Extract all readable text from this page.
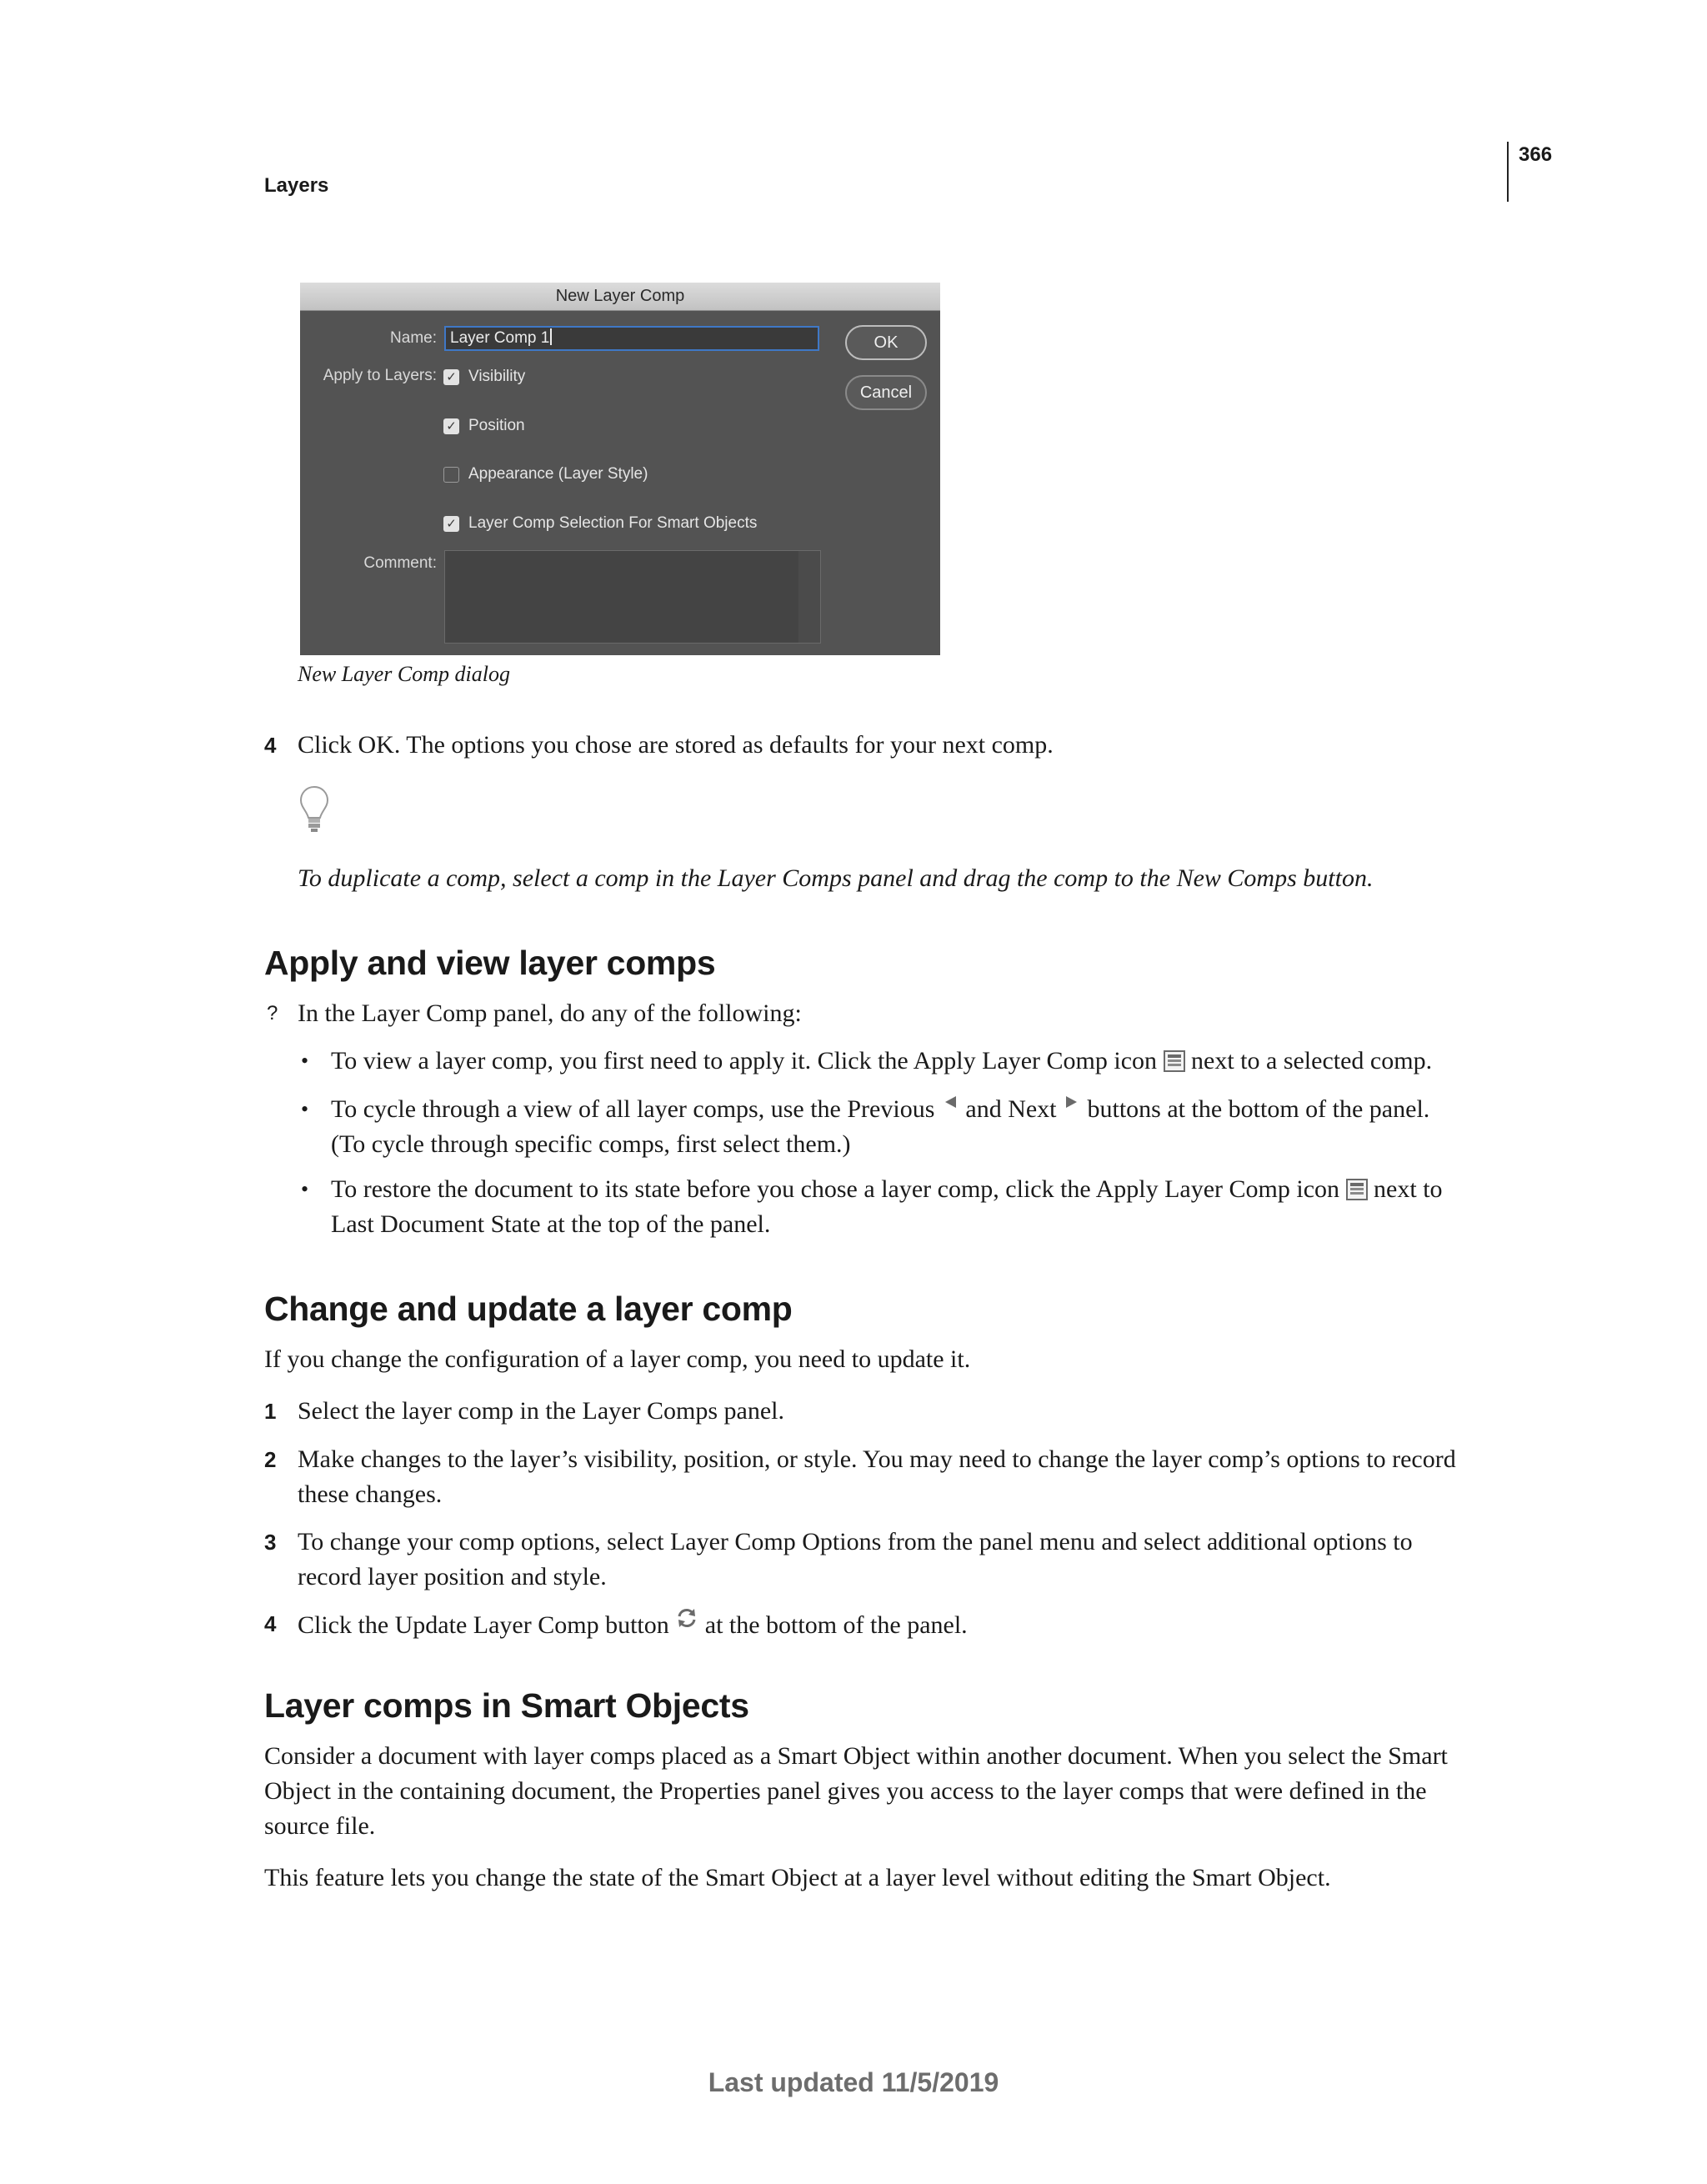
Layers
366
New Layer Comp
Name: Layer Comp 1	OK
Cancel
Apply to Layers: ✓ Visibility
✓ Position
Appearance (Layer Style)
✓ Layer Comp Selection For Smart Objects
Comment:
New Layer Comp dialog
4 Click OK. The options you chose are stored as defaults for your next comp.
To duplicate a comp, select a comp in the Layer Comps panel and drag the comp to the New Comps button.
Apply and view layer comps
? In the Layer Comp panel, do any of the following:
• To view a layer comp, you first need to apply it. Click the Apply Layer Comp icon next to a selected comp.
• To cycle through a view of all layer comps, use the Previous and Next buttons at the bottom of the panel.
(To cycle through specific comps, first select them.)
• To restore the document to its state before you chose a layer comp, click the Apply Layer Comp icon next to
Last Document State at the top of the panel.
Change and update a layer comp
If you change the configuration of a layer comp, you need to update it.
1 Select the layer comp in the Layer Comps panel.
2 Make changes to the layer’s visibility, position, or style. You may need to change the layer comp’s options to record
these changes.
3 To change your comp options, select Layer Comp Options from the panel menu and select additional options to
record layer position and style.
4 Click the Update Layer Comp button at the bottom of the panel.
Layer comps in Smart Objects
Consider a document with layer comps placed as a Smart Object within another document. When you select the Smart
Object in the containing document, the Properties panel gives you access to the layer comps that were defined in the
source file.
This feature lets you change the state of the Smart Object at a layer level without editing the Smart Object.
Last updated 11/5/2019
